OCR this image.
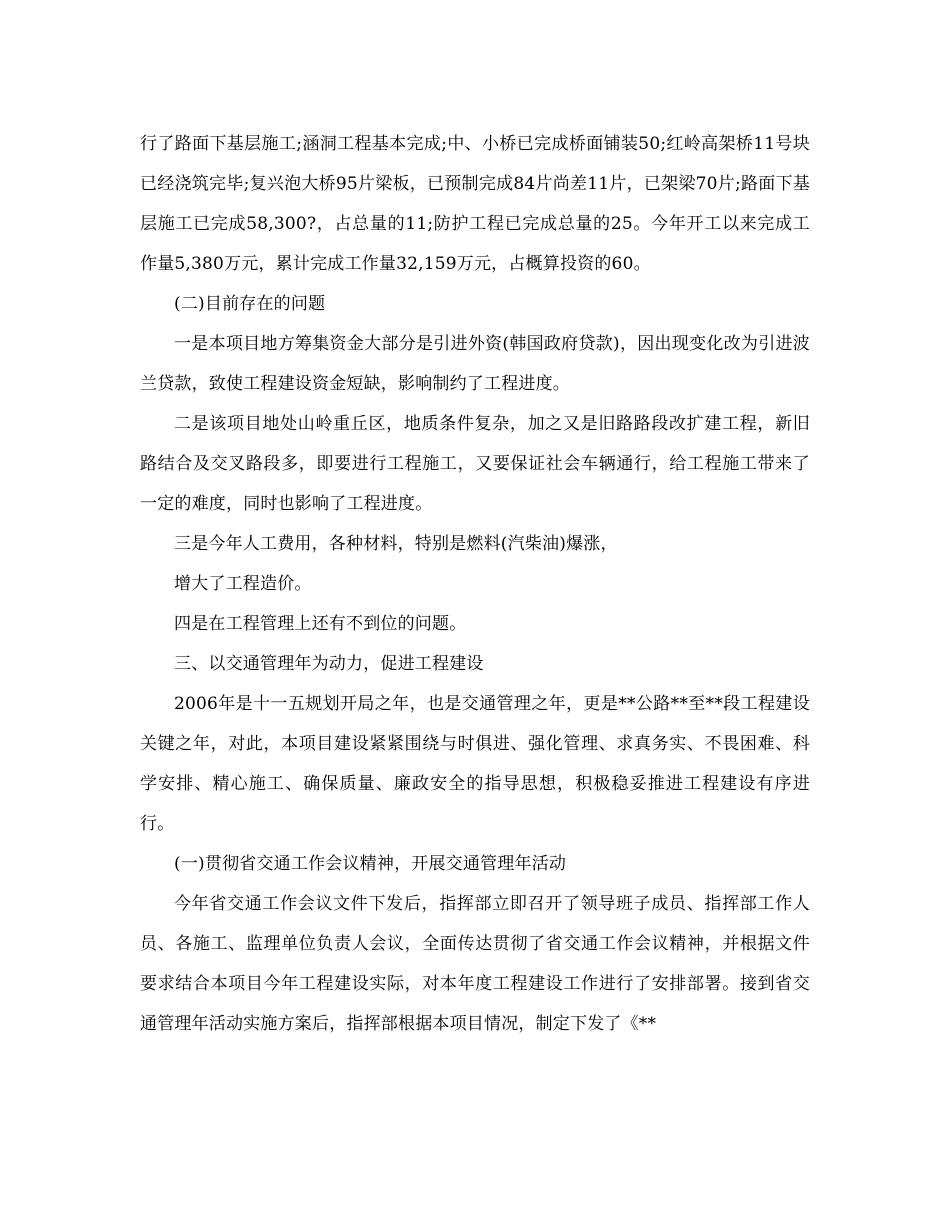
行了路面下基层施工;涵洞工程基本完成;中、小桥已完成桥面铺装50;红岭高架桥11号块已经浇筑完毕;复兴泡大桥95片梁板，已预制完成84片尚差11片，已架梁70片;路面下基层施工已完成58,300?，占总量的11;防护工程已完成总量的25。今年开工以来完成工作量5,380万元，累计完成工作量32,159万元，占概算投资的60。

(二)目前存在的问题

一是本项目地方筹集资金大部分是引进外资(韩国政府贷款)，因出现变化改为引进波兰贷款，致使工程建设资金短缺，影响制约了工程进度。

二是该项目地处山岭重丘区，地质条件复杂，加之又是旧路路段改扩建工程，新旧路结合及交叉路段多，即要进行工程施工，又要保证社会车辆通行，给工程施工带来了一定的难度，同时也影响了工程进度。

三是今年人工费用，各种材料，特别是燃料(汽柴油)爆涨，

增大了工程造价。

四是在工程管理上还有不到位的问题。

三、以交通管理年为动力，促进工程建设

2006年是十一五规划开局之年，也是交通管理之年，更是**公路**至**段工程建设关键之年，对此，本项目建设紧紧围绕与时俱进、强化管理、求真务实、不畏困难、科学安排、精心施工、确保质量、廉政安全的指导思想，积极稳妥推进工程建设有序进行。

(一)贯彻省交通工作会议精神，开展交通管理年活动

今年省交通工作会议文件下发后，指挥部立即召开了领导班子成员、指挥部工作人员、各施工、监理单位负责人会议，全面传达贯彻了省交通工作会议精神，并根据文件要求结合本项目今年工程建设实际，对本年度工程建设工作进行了安排部署。接到省交通管理年活动实施方案后，指挥部根据本项目情况，制定下发了《**
